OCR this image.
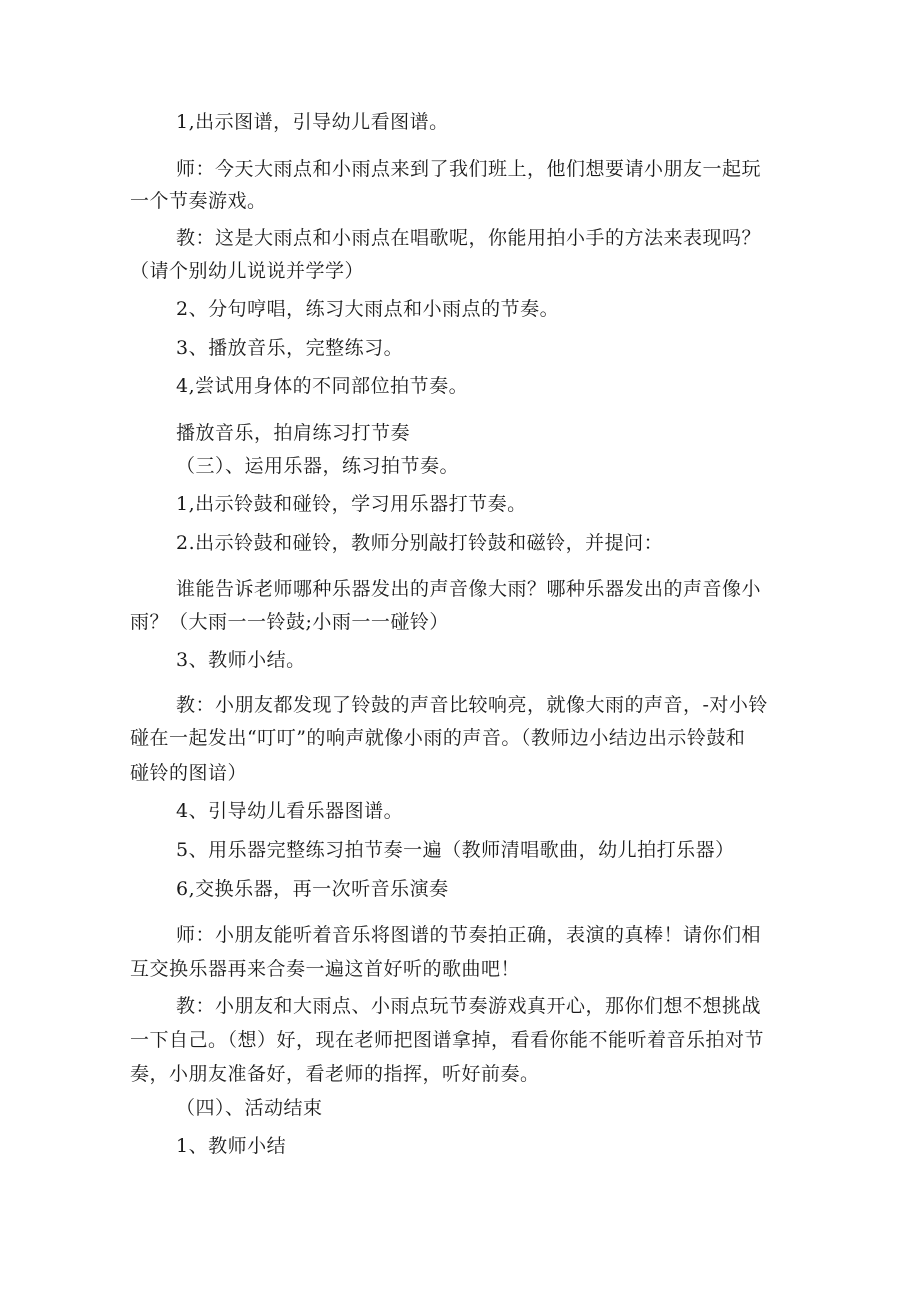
1,出示图谱，引导幼儿看图谱。

师：今天大雨点和小雨点来到了我们班上，他们想要请小朋友一起玩

一个节奏游戏。

教：这是大雨点和小雨点在唱歌呢，你能用拍小手的方法来表现吗？

（请个别幼儿说说并学学）

2、分句哼唱，练习大雨点和小雨点的节奏。

3、播放音乐，完整练习。

4,尝试用身体的不同部位拍节奏。

播放音乐，拍肩练习打节奏

（三）、运用乐器，练习拍节奏。

1,出示铃鼓和碰铃，学习用乐器打节奏。

2.出示铃鼓和碰铃，教师分别敲打铃鼓和磁铃，并提问：

谁能告诉老师哪种乐器发出的声音像大雨？哪种乐器发出的声音像小

雨？（大雨一一铃鼓;小雨一一碰铃）

3、教师小结。

教：小朋友都发现了铃鼓的声音比较响亮，就像大雨的声音，-对小铃

碰在一起发出“叮叮”的响声就像小雨的声音。（教师边小结边出示铃鼓和

碰铃的图谙）

4、引导幼儿看乐器图谱。

5、用乐器完整练习拍节奏一遍（教师清唱歌曲，幼儿拍打乐器）

6,交换乐器，再一次听音乐演奏

师：小朋友能听着音乐将图谱的节奏拍正确，表演的真棒！请你们相

互交换乐器再来合奏一遍这首好听的歌曲吧！

教：小朋友和大雨点、小雨点玩节奏游戏真开心，那你们想不想挑战

一下自己。（想）好，现在老师把图谱拿掉，看看你能不能听着音乐拍对节

奏，小朋友准备好，看老师的指挥，听好前奏。

（四）、活动结束

1、教师小结
